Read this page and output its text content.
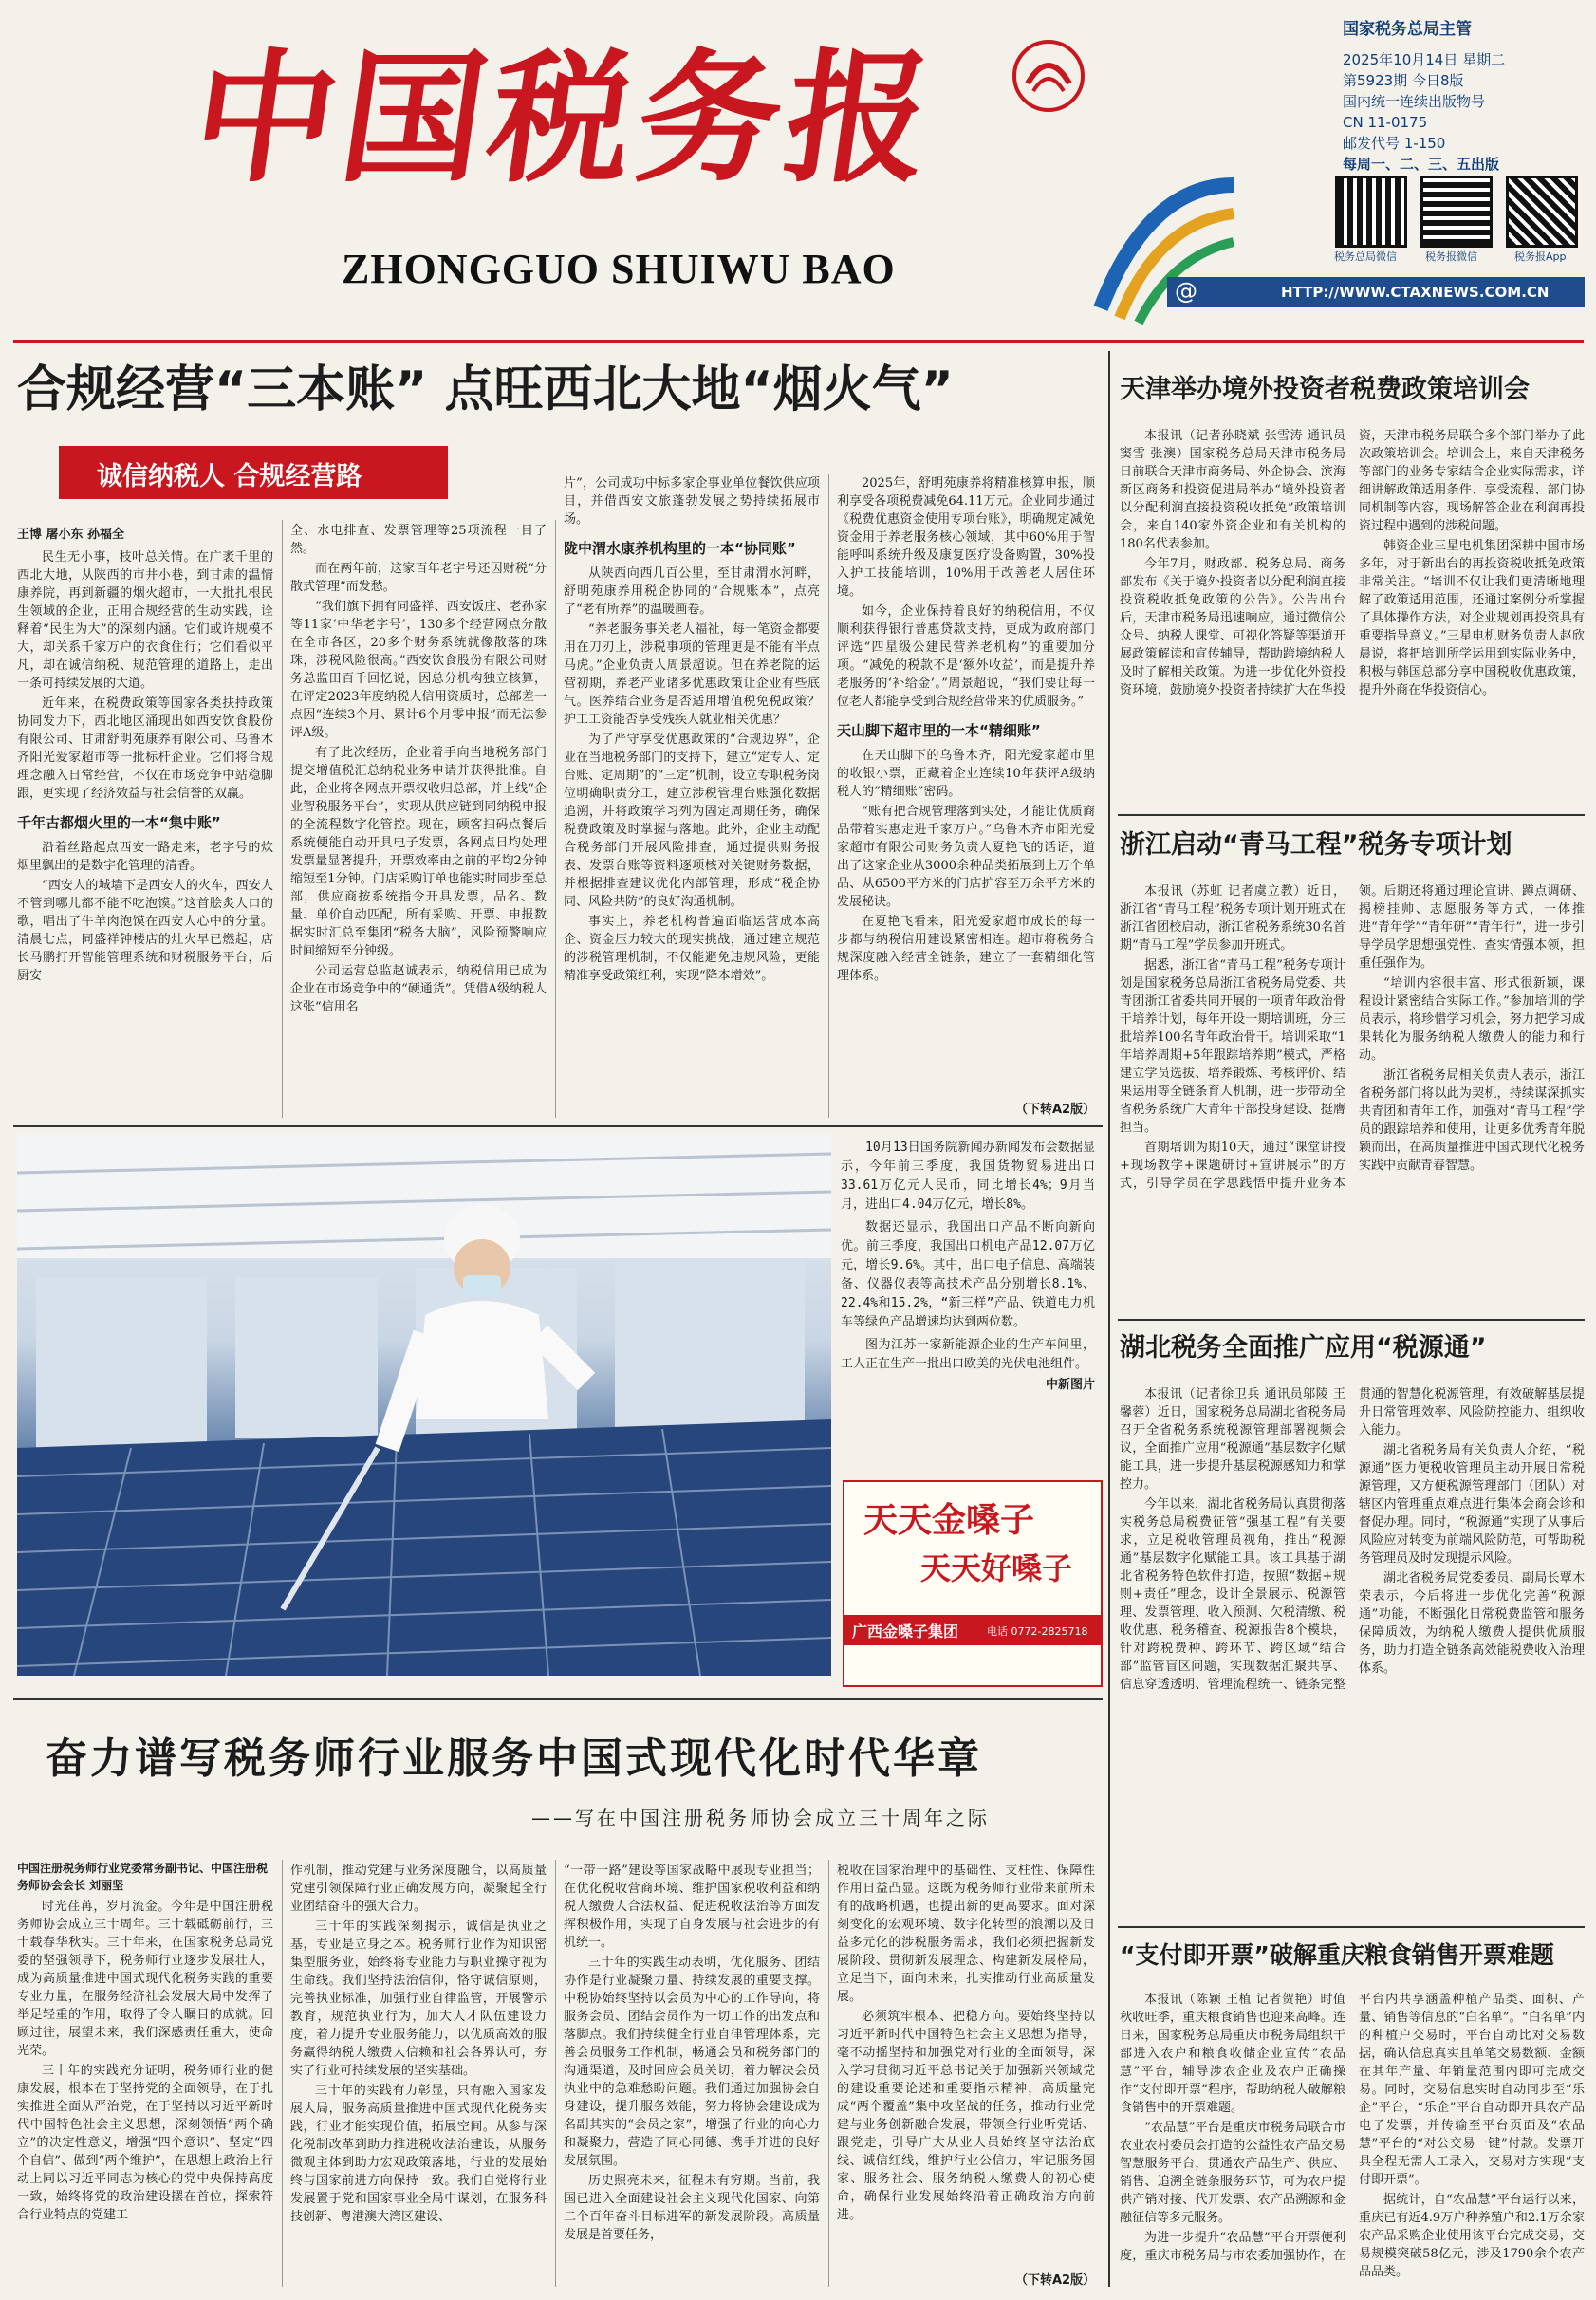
中国税务报
ZHONGGUO SHUIWU BAO
国家税务总局主管
2025年10月14日 星期二
第5923期 今日8版
国内统一连续出版物号
CN 11-0175
邮发代号 1-150
每周一、二、三、五出版
税务总局微信	税务报微信	税务报App
@	HTTP://WWW.CTAXNEWS.COM.CN
合规经营“三本账” 点旺西北大地“烟火气”
诚信纳税人 合规经营路
王博 屠小东 孙福全

民生无小事，枝叶总关情。在广袤千里的西北大地，从陕西的市井小巷，到甘肃的温情康养院，再到新疆的烟火超市，一大批扎根民生领域的企业，正用合规经营的生动实践，诠释着“民生为大”的深刻内涵。它们或许规模不大，却关系千家万户的衣食住行；它们看似平凡，却在诚信纳税、规范管理的道路上，走出一条可持续发展的大道。

近年来，在税费政策等国家各类扶持政策协同发力下，西北地区涌现出如西安饮食股份有限公司、甘肃舒明苑康养有限公司、乌鲁木齐阳光爱家超市等一批标杆企业。它们将合规理念融入日常经营，不仅在市场竞争中站稳脚跟，更实现了经济效益与社会信誉的双赢。

千年古都烟火里的一本“集中账”

沿着丝路起点西安一路走来，老字号的炊烟里飘出的是数字化管理的清香。

“西安人的城墙下是西安人的火车，西安人不管到哪儿都不能不吃泡馍。”这首脍炙人口的歌，唱出了牛羊肉泡馍在西安人心中的分量。清晨七点，同盛祥钟楼店的灶火早已燃起，店长马鹏打开智能管理系统和财税服务平台，后厨安

全、水电排查、发票管理等25项流程一目了然。

而在两年前，这家百年老字号还因财税“分散式管理”而发愁。

“我们旗下拥有同盛祥、西安饭庄、老孙家等11家‘中华老字号’，130多个经营网点分散在全市各区，20多个财务系统就像散落的珠珠，涉税风险很高。”西安饮食股份有限公司财务总监田百千回忆说，因总分机构独立核算，在评定2023年度纳税人信用资质时，总部差一点因“连续3个月、累计6个月零申报”而无法参评A级。

有了此次经历，企业着手向当地税务部门提交增值税汇总纳税业务申请并获得批准。自此，企业将各网点开票权收归总部，并上线“企业智税服务平台”，实现从供应链到同纳税申报的全流程数字化管控。现在，顾客扫码点餐后系统便能自动开具电子发票，各网点日均处理发票量显著提升，开票效率由之前的平均2分钟缩短至1分钟。门店采购订单也能实时同步至总部，供应商按系统指令开具发票，品名、数量、单价自动匹配，所有采购、开票、申报数据实时汇总至集团“税务大脑”，风险预警响应时间缩短至分钟级。

公司运营总监赵诚表示，纳税信用已成为企业在市场竞争中的“硬通货”。凭借A级纳税人这张“信用名

片”，公司成功中标多家企事业单位餐饮供应项目，并借西安文旅蓬勃发展之势持续拓展市场。

陇中渭水康养机构里的一本“协同账”

从陕西向西几百公里，至甘肃渭水河畔，舒明苑康养用税企协同的“合规账本”，点亮了“老有所养”的温暖画卷。

“养老服务事关老人福祉，每一笔资金都要用在刀刃上，涉税事项的管理更是不能有半点马虎。”企业负责人周景超说。但在养老院的运营初期，养老产业诸多优惠政策让企业有些底气。医养结合业务是否适用增值税免税政策？护工工资能否享受残疾人就业相关优惠？

为了严守享受优惠政策的“合规边界”，企业在当地税务部门的支持下，建立“定专人、定台账、定周期”的“三定”机制，设立专职税务岗位明确职责分工，建立涉税管理台账强化数据追溯，并将政策学习列为固定周期任务，确保税费政策及时掌握与落地。此外，企业主动配合税务部门开展风险排查，通过提供财务报表、发票台账等资料逐项核对关键财务数据，并根据排查建议优化内部管理，形成“税企协同、风险共防”的良好沟通机制。

事实上，养老机构普遍面临运营成本高企、资金压力较大的现实挑战，通过建立规范的涉税管理机制，不仅能避免违规风险，更能精准享受政策红利，实现“降本增效”。

2025年，舒明苑康养将精准核算申报，顺利享受各项税费减免64.11万元。企业同步通过《税费优惠资金使用专项台账》，明确规定减免资金用于养老服务核心领域，其中60%用于智能呼叫系统升级及康复医疗设备购置，30%投入护工技能培训，10%用于改善老人居住环境。

如今，企业保持着良好的纳税信用，不仅顺利获得银行普惠贷款支持，更成为政府部门评选“四星级公建民营养老机构”的重要加分项。“减免的税款不是‘额外收益’，而是提升养老服务的‘补给金’。”周景超说，“我们要让每一位老人都能享受到合规经营带来的优质服务。”

天山脚下超市里的一本“精细账”

在天山脚下的乌鲁木齐，阳光爱家超市里的收银小票，正藏着企业连续10年获评A级纳税人的“精细账”密码。

“账有把合规管理落到实处，才能让优质商品带着实惠走进千家万户。”乌鲁木齐市阳光爱家超市有限公司财务负责人夏艳飞的话语，道出了这家企业从3000余种品类拓展到上万个单品、从6500平方米的门店扩容至万余平方米的发展秘诀。

在夏艳飞看来，阳光爱家超市成长的每一步都与纳税信用建设紧密相连。超市将税务合规深度融入经营全链条，建立了一套精细化管理体系。

（下转A2版）

10月13日国务院新闻办新闻发布会数据显示，今年前三季度，我国货物贸易进出口33.61万亿元人民币，同比增长4%；9月当月，进出口4.04万亿元，增长8%。

数据还显示，我国出口产品不断向新向优。前三季度，我国出口机电产品12.07万亿元，增长9.6%。其中，出口电子信息、高端装备、仪器仪表等高技术产品分别增长8.1%、22.4%和15.2%，“新三样”产品、铁道电力机车等绿色产品增速均达到两位数。

图为江苏一家新能源企业的生产车间里，工人正在生产一批出口欧美的光伏电池组件。

中新图片
天天金嗓子
天天好嗓子
广西金嗓子集团	电话 0772-2825718
奋力谱写税务师行业服务中国式现代化时代华章
——写在中国注册税务师协会成立三十周年之际
中国注册税务师行业党委常务副书记、中国注册税务师协会会长 刘丽坚

时光荏苒，岁月流金。今年是中国注册税务师协会成立三十周年。三十载砥砺前行，三十载春华秋实。三十年来，在国家税务总局党委的坚强领导下，税务师行业逐步发展壮大，成为高质量推进中国式现代化税务实践的重要专业力量，在服务经济社会发展大局中发挥了举足轻重的作用，取得了令人瞩目的成就。回顾过往，展望未来，我们深感责任重大，使命光荣。

三十年的实践充分证明，税务师行业的健康发展，根本在于坚持党的全面领导，在于扎实推进全面从严治党，在于坚持以习近平新时代中国特色社会主义思想，深刻领悟“两个确立”的决定性意义，增强“四个意识”、坚定“四个自信”、做到“两个维护”，在思想上政治上行动上同以习近平同志为核心的党中央保持高度一致，始终将党的政治建设摆在首位，探索符合行业特点的党建工

作机制，推动党建与业务深度融合，以高质量党建引领保障行业正确发展方向，凝聚起全行业团结奋斗的强大合力。

三十年的实践深刻揭示，诚信是执业之基，专业是立身之本。税务师行业作为知识密集型服务业，始终将专业能力与职业操守视为生命线。我们坚持法治信仰，恪守诚信原则，完善执业标准，加强行业自律监管，开展警示教育，规范执业行为，加大人才队伍建设力度，着力提升专业服务能力，以优质高效的服务赢得纳税人缴费人信赖和社会各界认可，夯实了行业可持续发展的坚实基础。

三十年的实践有力彰显，只有融入国家发展大局，服务高质量推进中国式现代化税务实践，行业才能实现价值，拓展空间。从参与深化税制改革到助力推进税收法治建设，从服务微观主体到助力宏观政策落地，行业的发展始终与国家前进方向保持一致。我们自觉将行业发展置于党和国家事业全局中谋划，在服务科技创新、粤港澳大湾区建设、

“一带一路”建设等国家战略中展现专业担当；在优化税收营商环境、维护国家税收利益和纳税人缴费人合法权益、促进税收法治等方面发挥积极作用，实现了自身发展与社会进步的有机统一。

三十年的实践生动表明，优化服务、团结协作是行业凝聚力量、持续发展的重要支撑。中税协始终坚持以会员为中心的工作导向，将服务会员、团结会员作为一切工作的出发点和落脚点。我们持续健全行业自律管理体系，完善会员服务工作机制，畅通会员和税务部门的沟通渠道，及时回应会员关切，着力解决会员执业中的急难愁盼问题。我们通过加强协会自身建设，提升服务效能，努力将协会建设成为名副其实的“会员之家”，增强了行业的向心力和凝聚力，营造了同心同德、携手并进的良好发展氛围。

历史照亮未来，征程未有穷期。当前，我国已进入全面建设社会主义现代化国家、向第二个百年奋斗目标进军的新发展阶段。高质量发展是首要任务，

税收在国家治理中的基础性、支柱性、保障性作用日益凸显。这既为税务师行业带来前所未有的战略机遇，也提出新的更高要求。面对深刻变化的宏观环境、数字化转型的浪潮以及日益多元化的涉税服务需求，我们必须把握新发展阶段、贯彻新发展理念、构建新发展格局，立足当下，面向未来，扎实推动行业高质量发展。

必须筑牢根本、把稳方向。要始终坚持以习近平新时代中国特色社会主义思想为指导，毫不动摇坚持和加强党对行业的全面领导，深入学习贯彻习近平总书记关于加强新兴领域党的建设重要论述和重要指示精神，高质量完成“两个覆盖”集中攻坚战的任务，推动行业党建与业务创新融合发展，带领全行业听党话、跟党走，引导广大从业人员始终坚守法治底线、诚信红线，维护行业公信力，牢记服务国家、服务社会、服务纳税人缴费人的初心使命，确保行业发展始终沿着正确政治方向前进。

（下转A2版）
天津举办境外投资者税费政策培训会

本报讯（记者孙晓斌 张雪涛 通讯员窦雪 张澳）国家税务总局天津市税务局日前联合天津市商务局、外企协会、滨海新区商务和投资促进局举办“境外投资者以分配利润直接投资税收抵免”政策培训会，来自140家外资企业和有关机构的180名代表参加。

今年7月，财政部、税务总局、商务部发布《关于境外投资者以分配利润直接投资税收抵免政策的公告》。公告出台后，天津市税务局迅速响应，通过微信公众号、纳税人课堂、可视化答疑等渠道开展政策解读和宣传辅导，帮助跨境纳税人及时了解相关政策。为进一步优化外资投资环境，鼓励境外投资者持续扩大在华投资，天津市税务局联合多个部门举办了此次政策培训会。培训会上，来自天津税务等部门的业务专家结合企业实际需求，详细讲解政策适用条件、享受流程、部门协同机制等内容，现场解答企业在利润再投资过程中遇到的涉税问题。

韩资企业三星电机集团深耕中国市场多年，对于新出台的再投资税收抵免政策非常关注。“培训不仅让我们更清晰地理解了政策适用范围，还通过案例分析掌握了具体操作方法，对企业规划再投资具有重要指导意义。”三星电机财务负责人赵欣晨说，将把培训所学运用到实际业务中，积极与韩国总部分享中国税收优惠政策，提升外商在华投资信心。

浙江启动“青马工程”税务专项计划

本报讯（苏虹 记者虞立教）近日，浙江省“青马工程”税务专项计划开班式在浙江省团校启动，浙江省税务系统30名首期“青马工程”学员参加开班式。

据悉，浙江省“青马工程”税务专项计划是国家税务总局浙江省税务局党委、共青团浙江省委共同开展的一项青年政治骨干培养计划，每年开设一期培训班，分三批培养100名青年政治骨干。培训采取“1年培养周期+5年跟踪培养期”模式，严格建立学员选拔、培养锻炼、考核评价、结果运用等全链条育人机制，进一步带动全省税务系统广大青年干部投身建设、挺膺担当。

首期培训为期10天，通过“课堂讲授+现场教学+课题研讨+宣讲展示”的方式，引导学员在学思践悟中提升业务本领。后期还将通过理论宣讲、蹲点调研、揭榜挂帅、志愿服务等方式，一体推进“青年学”“青年研”“青年行”，进一步引导学员学思想强党性、查实情强本领，担重任强作为。

“培训内容很丰富、形式很新颖，课程设计紧密结合实际工作。”参加培训的学员表示，将珍惜学习机会，努力把学习成果转化为服务纳税人缴费人的能力和行动。

浙江省税务局相关负责人表示，浙江省税务部门将以此为契机，持续谋深抓实共青团和青年工作，加强对“青马工程”学员的跟踪培养和使用，让更多优秀青年脱颖而出，在高质量推进中国式现代化税务实践中贡献青春智慧。

湖北税务全面推广应用“税源通”

本报讯（记者徐卫兵 通讯员邬陵 王馨蓉）近日，国家税务总局湖北省税务局召开全省税务系统税源管理部署视频会议，全面推广应用“税源通”基层数字化赋能工具，进一步提升基层税源感知力和掌控力。

今年以来，湖北省税务局认真贯彻落实税务总局税费征管“强基工程”有关要求，立足税收管理员视角，推出“税源通”基层数字化赋能工具。该工具基于湖北省税务特色软件打造，按照“数据+规则+责任”理念，设计全景展示、税源管理、发票管理、收入预测、欠税清缴、税收优惠、税务稽查、税源报告8个模块，针对跨税费种、跨环节、跨区域“结合部”监管盲区问题，实现数据汇聚共享、信息穿透透明、管理流程统一、链条完整贯通的智慧化税源管理，有效破解基层提升日常管理效率、风险防控能力、组织收入能力。

湖北省税务局有关负责人介绍，“税源通”医力便税收管理员主动开展日常税源管理，又方便税源管理部门（团队）对辖区内管理重点难点进行集体会商会诊和督促办理。同时，“税源通”实现了从事后风险应对转变为前端风险防范，可帮助税务管理员及时发现提示风险。

湖北省税务局党委委员、副局长覃木荣表示，今后将进一步优化完善“税源通”功能，不断强化日常税费监管和服务保障质效，为纳税人缴费人提供优质服务，助力打造全链条高效能税费收入治理体系。

“支付即开票”破解重庆粮食销售开票难题

本报讯（陈颖 王植 记者贺艳）时值秋收旺季，重庆粮食销售也迎来高峰。连日来，国家税务总局重庆市税务局组织干部进入农户和粮食收储企业宣传“农品慧”平台，辅导涉农企业及农户正确操作“支付即开票”程序，帮助纳税人破解粮食销售中的开票难题。

“农品慧”平台是重庆市税务局联合市农业农村委员会打造的公益性农产品交易智慧服务平台，贯通农产品生产、供应、销售、追溯全链条服务环节，可为农户提供产销对接、代开发票、农产品溯源和金融征信等多元服务。

为进一步提升“农品慧”平台开票便利度，重庆市税务局与市农委加强协作，在平台内共享涵盖种植产品类、面积、产量、销售等信息的“白名单”。“白名单”内的种植户交易时，平台自动比对交易数据，确认信息真实且单笔交易数额、金额在其年产量、年销量范围内即可完成交易。同时，交易信息实时自动同步至“乐企”平台，“乐企”平台自动即开具农产品电子发票，并传输至平台页面及“农品慧”平台的“对公交易一键”付款。发票开具全程无需人工录入，交易对方实现“支付即开票”。

据统计，自“农品慧”平台运行以来，重庆已有近4.9万户种养殖户和2.1万余家农产品采购企业使用该平台完成交易，交易规模突破58亿元，涉及1790余个农产品品类。
